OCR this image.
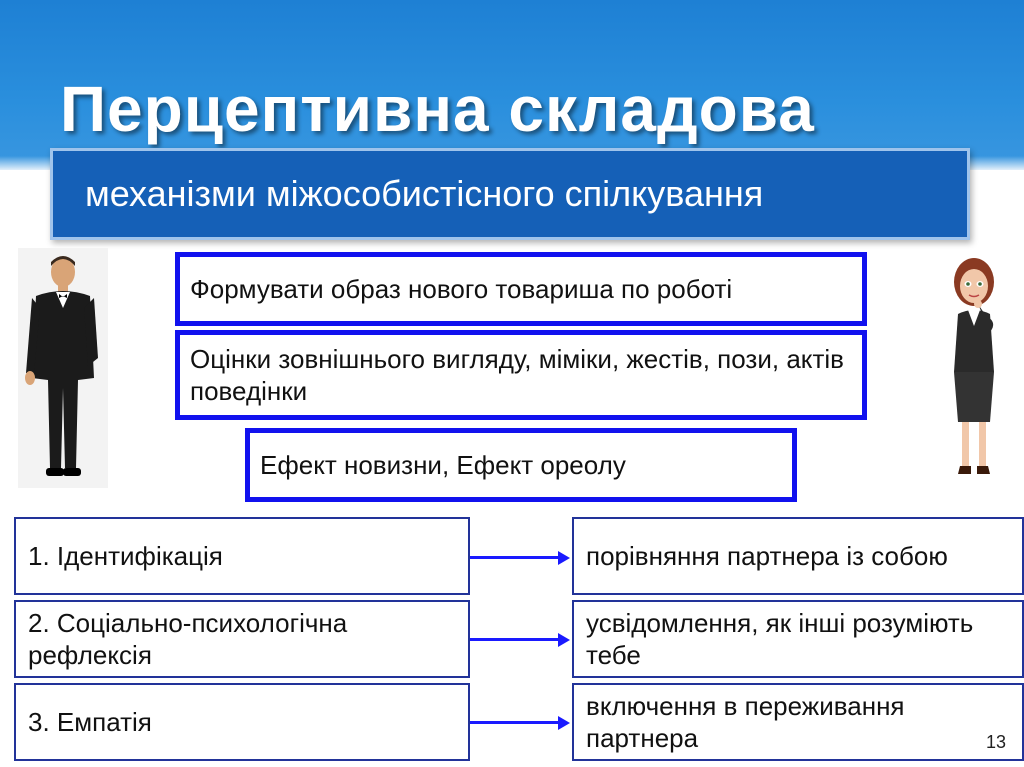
Перцептивна складова
механізми міжособистісного спілкування
Формувати образ нового товариша по роботі
Оцінки зовнішнього вигляду, міміки, жестів, пози, актів поведінки
Ефект новизни, Ефект ореолу
1. Ідентифікація	порівняння партнера із собою
2. Соціально-психологічна рефлексія
усвідомлення, як інші розуміють тебе
3. Емпатія
включення в переживання партнера	13
